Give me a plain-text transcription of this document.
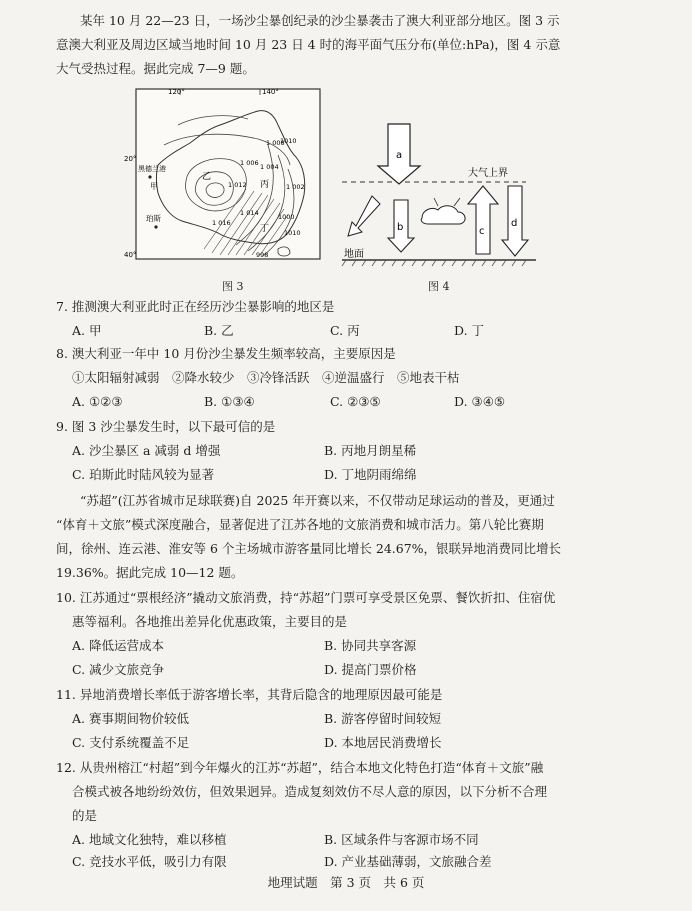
某年 10 月 22—23 日，一场沙尘暴创纪录的沙尘暴袭击了澳大利亚部分地区。图 3 示
意澳大利亚及周边区域当地时间 10 月 23 日 4 时的海平面气压分布(单位:hPa)，图 4 示意
大气受热过程。据此完成 7—9 题。
120°	140°
20°
40°
1 006
1010
1 012
1 016
1 004
1 002
1000
998
1 008
1 014
1010
黑德兰港
甲
珀斯
乙
丙
丁
图 3
大气上界
地面
a
b	c
d
图 4
7. 推测澳大利亚此时正在经历沙尘暴影响的地区是
A. 甲	B. 乙	C. 丙	D. 丁
8. 澳大利亚一年中 10 月份沙尘暴发生频率较高，主要原因是
①太阳辐射减弱　②降水较少　③冷锋活跃　④逆温盛行　⑤地表干枯
A. ①②③	B. ①③④	C. ②③⑤	D. ③④⑤
9. 图 3 沙尘暴发生时，以下最可信的是
A. 沙尘暴区 a 减弱 d 增强	B. 丙地月朗星稀
C. 珀斯此时陆风较为显著	D. 丁地阴雨绵绵
“苏超”(江苏省城市足球联赛)自 2025 年开赛以来，不仅带动足球运动的普及，更通过
“体育＋文旅”模式深度融合，显著促进了江苏各地的文旅消费和城市活力。第八轮比赛期
间，徐州、连云港、淮安等 6 个主场城市游客量同比增长 24.67%，银联异地消费同比增长
19.36%。据此完成 10—12 题。
10. 江苏通过“票根经济”撬动文旅消费，持“苏超”门票可享受景区免票、餐饮折扣、住宿优
惠等福利。各地推出差异化优惠政策，主要目的是
A. 降低运营成本	B. 协同共享客源
C. 减少文旅竞争	D. 提高门票价格
11. 异地消费增长率低于游客增长率，其背后隐含的地理原因最可能是
A. 赛事期间物价较低	B. 游客停留时间较短
C. 支付系统覆盖不足	D. 本地居民消费增长
12. 从贵州榕江“村超”到今年爆火的江苏“苏超”，结合本地文化特色打造“体育＋文旅”融
合模式被各地纷纷效仿，但效果迥异。造成复刻效仿不尽人意的原因，以下分析不合理
的是
A. 地域文化独特，难以移植	B. 区域条件与客源市场不同
C. 竞技水平低，吸引力有限	D. 产业基础薄弱，文旅融合差
地理试题　第 3 页　共 6 页
